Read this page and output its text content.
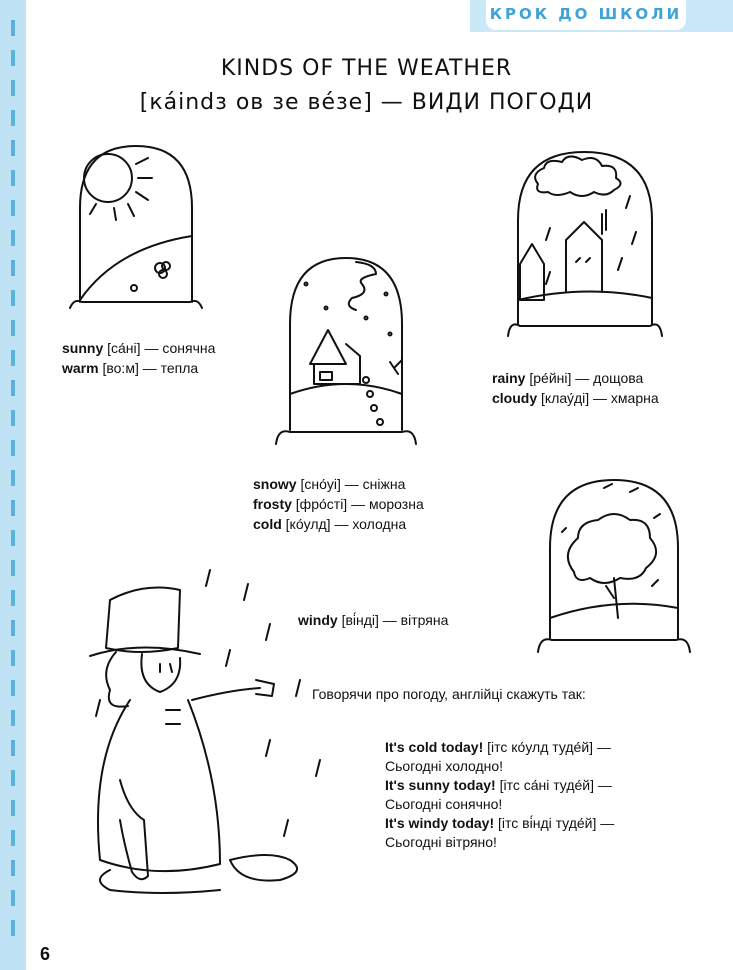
КРОК ДО ШКОЛИ
KINDS OF THE WEATHER
[ка́indз ов зе ве́зе] — ВИДИ ПОГОДИ
sunny [са́ні] — сонячна
warm [во:м] — тепла
snowy [сно́уі] — сніжна
frosty [фро́сті] — морозна
cold [ко́улд] — холодна
rainy [ре́йні] — дощова
cloudy [клау́ді] — хмарна
windy [ві́нді] — вітряна
Говорячи про погоду, англійці скажуть так:
It's cold today! [ітс ко́улд туде́й] —
Сьогодні холодно!
It's sunny today! [ітс са́ні туде́й] —
Сьогодні сонячно!
It's windy today! [ітс ві́нді туде́й] —
Сьогодні вітряно!
6
